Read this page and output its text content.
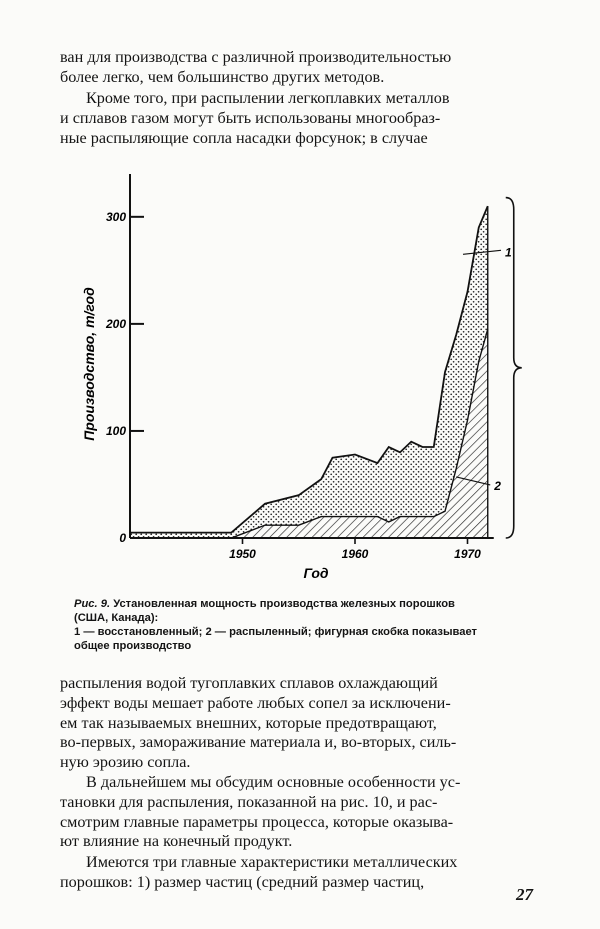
ван для производства с различной производительностью
более легко, чем большинство других методов.
Кроме того, при распылении легкоплавких металлов
и сплавов газом могут быть использованы многообраз-
ные распыляющие сопла насадки форсунок; в случае
0
100
200
300
1950	1960	1970
1
2
Производство, т/год
Год
Рис. 9. Установленная мощность производства железных порошков
(США, Канада):
1 — восстановленный; 2 — распыленный; фигурная скобка показывает
общее производство
распыления водой тугоплавких сплавов охлаждающий
эффект воды мешает работе любых сопел за исключени-
ем так называемых внешних, которые предотвращают,
во-первых, замораживание материала и, во-вторых, силь-
ную эрозию сопла.
В дальнейшем мы обсудим основные особенности ус-
тановки для распыления, показанной на рис. 10, и рас-
смотрим главные параметры процесса, которые оказыва-
ют влияние на конечный продукт.
Имеются три главные характеристики металлических
порошков: 1) размер частиц (средний размер частиц,
27
